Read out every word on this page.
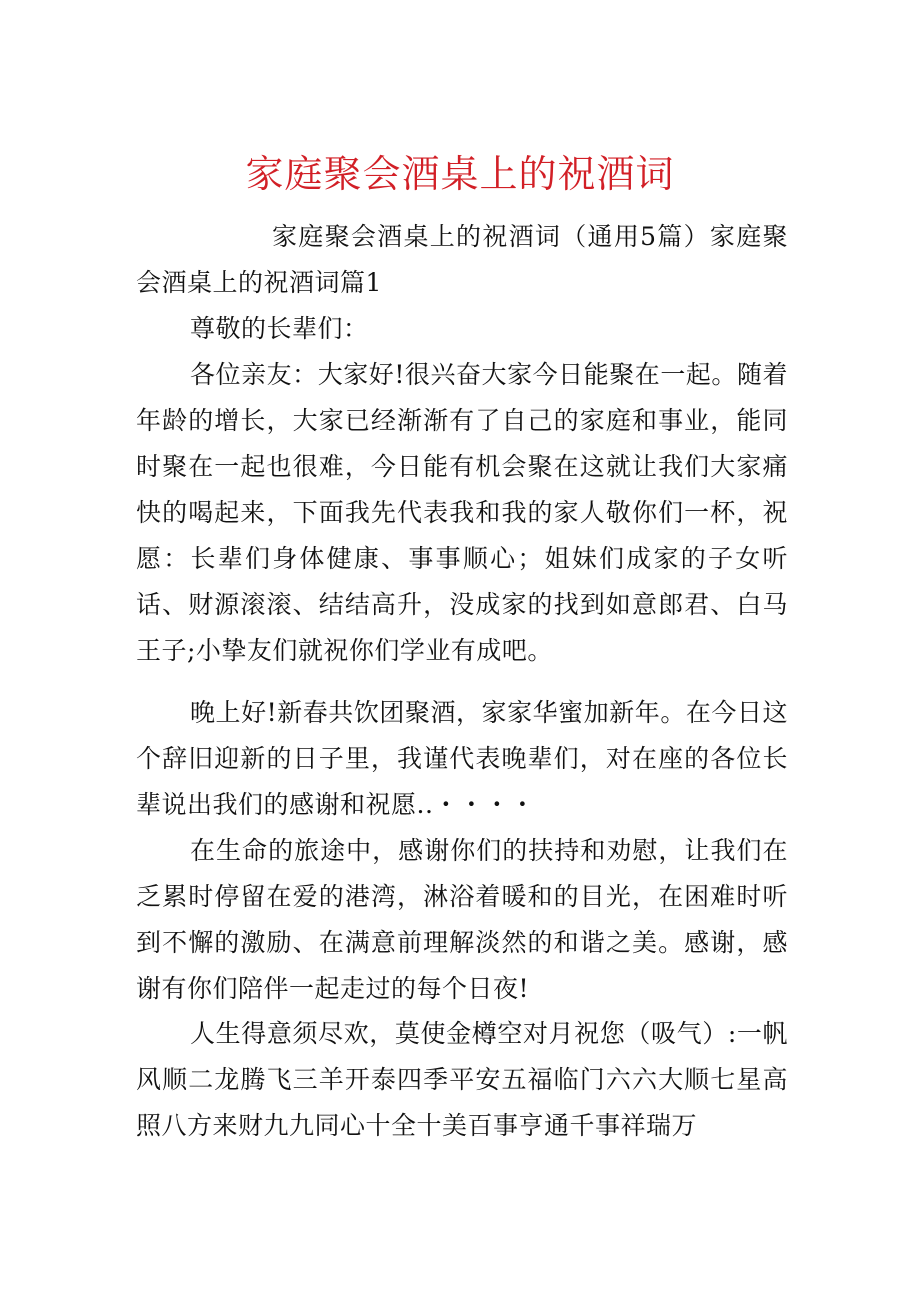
家庭聚会酒桌上的祝酒词
家庭聚会酒桌上的祝酒词（通用5篇）家庭聚会酒桌上的祝酒词篇1
尊敬的长辈们：
各位亲友：大家好!很兴奋大家今日能聚在一起。随着年龄的增长，大家已经渐渐有了自己的家庭和事业，能同时聚在一起也很难，今日能有机会聚在这就让我们大家痛快的喝起来，下面我先代表我和我的家人敬你们一杯，祝愿：长辈们身体健康、事事顺心；姐妹们成家的子女听话、财源滚滚、结结高升，没成家的找到如意郎君、白马王子;小挚友们就祝你们学业有成吧。
晚上好!新春共饮团聚酒，家家华蜜加新年。在今日这个辞旧迎新的日子里，我谨代表晚辈们，对在座的各位长辈说出我们的感谢和祝愿..・・・・
在生命的旅途中，感谢你们的扶持和劝慰，让我们在乏累时停留在爱的港湾，淋浴着暖和的目光，在困难时听到不懈的激励、在满意前理解淡然的和谐之美。感谢，感谢有你们陪伴一起走过的每个日夜!
人生得意须尽欢，莫使金樽空对月祝您（吸气）:一帆风顺二龙腾飞三羊开泰四季平安五福临门六六大顺七星高照八方来财九九同心十全十美百事亨通千事祥瑞万
